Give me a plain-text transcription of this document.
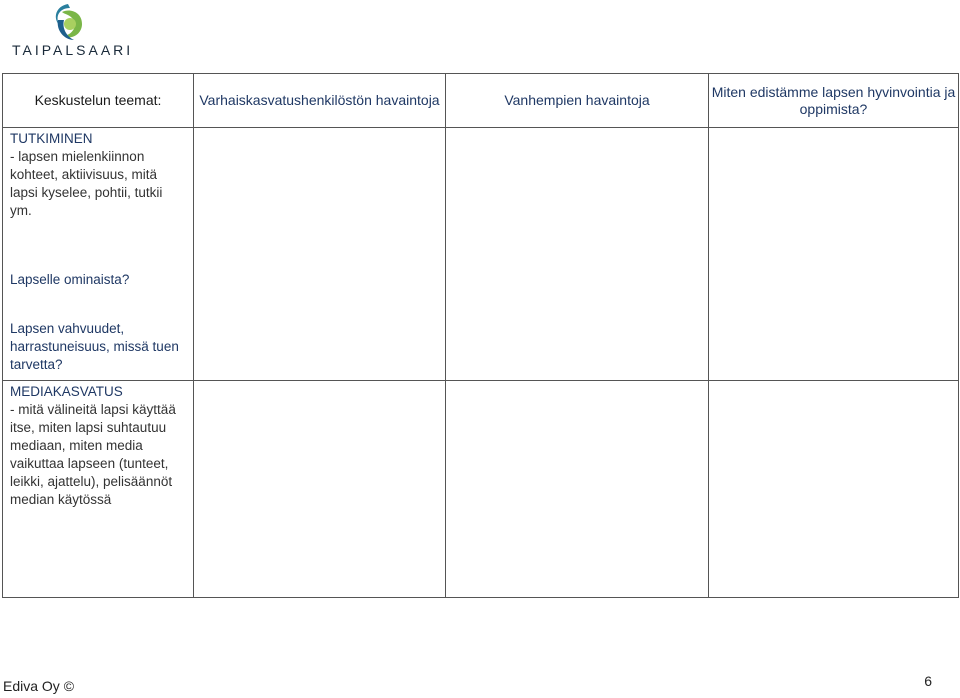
TAIPALSAARI
Keskustelun teemat:	Varhaiskasvatushenkilöstön havaintoja	Vanhempien havaintoja	Miten edistämme lapsen hyvinvointia ja oppimista?

TUTKIMINEN
- lapsen mielenkiinnon kohteet, aktiivisuus, mitä lapsi kyselee, pohtii, tutkii ym.
Lapselle ominaista?
Lapsen vahvuudet, harrastuneisuus, missä tuen tarvetta?			

MEDIAKASVATUS
- mitä välineitä lapsi käyttää itse, miten lapsi suhtautuu mediaan, miten media vaikuttaa lapseen (tunteet, leikki, ajattelu), pelisäännöt median käytössä			

Ediva Oy ©	6
